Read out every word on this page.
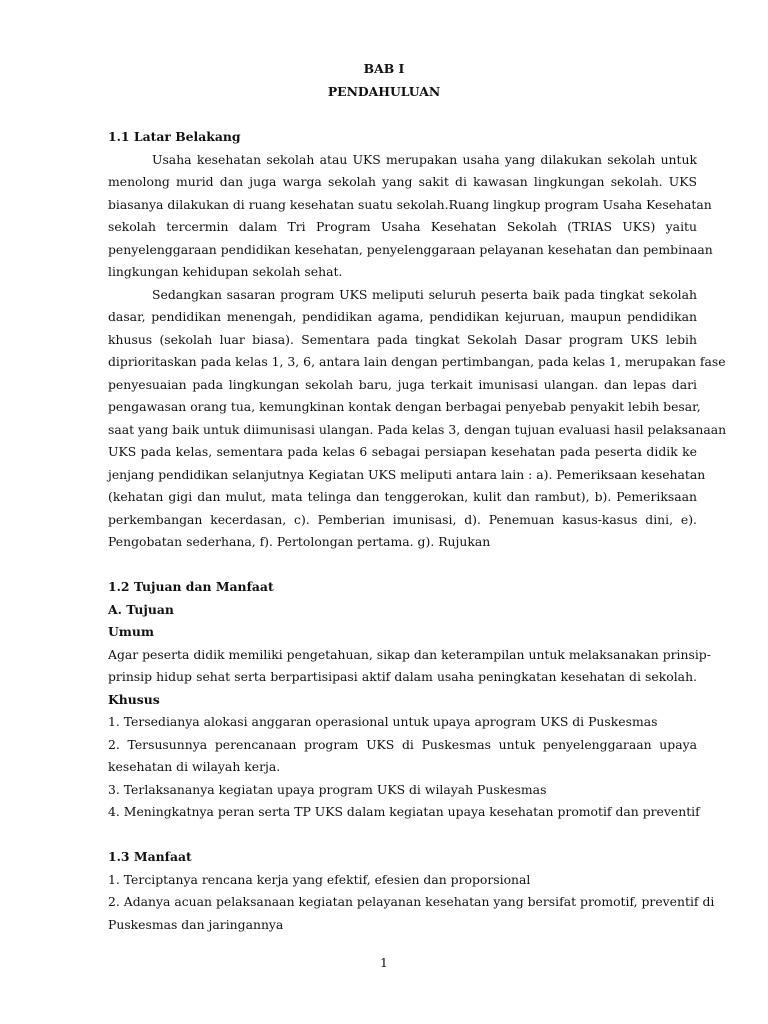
BAB I
PENDAHULUAN
1.1 Latar Belakang
Usaha kesehatan sekolah atau UKS merupakan usaha yang dilakukan sekolah untuk
menolong murid dan juga warga sekolah yang sakit di kawasan lingkungan sekolah. UKS
biasanya dilakukan di ruang kesehatan suatu sekolah.Ruang lingkup program Usaha Kesehatan
sekolah tercermin dalam Tri Program Usaha Kesehatan Sekolah (TRIAS UKS) yaitu
penyelenggaraan pendidikan kesehatan, penyelenggaraan pelayanan kesehatan dan pembinaan
lingkungan kehidupan sekolah sehat.
Sedangkan sasaran program UKS meliputi seluruh peserta baik pada tingkat sekolah
dasar, pendidikan menengah, pendidikan agama, pendidikan kejuruan, maupun pendidikan
khusus (sekolah luar biasa). Sementara pada tingkat Sekolah Dasar program UKS lebih
diprioritaskan pada kelas 1, 3, 6, antara lain dengan pertimbangan, pada kelas 1, merupakan fase
penyesuaian pada lingkungan sekolah baru, juga terkait imunisasi ulangan. dan lepas dari
pengawasan orang tua, kemungkinan kontak dengan berbagai penyebab penyakit lebih besar,
saat yang baik untuk diimunisasi ulangan. Pada kelas 3, dengan tujuan evaluasi hasil pelaksanaan
UKS pada kelas, sementara pada kelas 6 sebagai persiapan kesehatan pada peserta didik ke
jenjang pendidikan selanjutnya Kegiatan UKS meliputi antara lain : a). Pemeriksaan kesehatan
(kehatan gigi dan mulut, mata telinga dan tenggerokan, kulit dan rambut), b). Pemeriksaan
perkembangan kecerdasan, c). Pemberian imunisasi, d). Penemuan kasus-kasus dini, e).
Pengobatan sederhana, f). Pertolongan pertama. g). Rujukan
1.2 Tujuan dan Manfaat
A. Tujuan
Umum
Agar peserta didik memiliki pengetahuan, sikap dan keterampilan untuk melaksanakan prinsip-
prinsip hidup sehat serta berpartisipasi aktif dalam usaha peningkatan kesehatan di sekolah.
Khusus
1. Tersedianya alokasi anggaran operasional untuk upaya aprogram UKS di Puskesmas
2. Tersusunnya perencanaan program UKS di Puskesmas untuk penyelenggaraan upaya
kesehatan di wilayah kerja.
3. Terlaksananya kegiatan upaya program UKS di wilayah Puskesmas
4. Meningkatnya peran serta TP UKS dalam kegiatan upaya kesehatan promotif dan preventif
1.3 Manfaat
1. Terciptanya rencana kerja yang efektif, efesien dan proporsional
2. Adanya acuan pelaksanaan kegiatan pelayanan kesehatan yang bersifat promotif, preventif di
Puskesmas dan jaringannya
1
